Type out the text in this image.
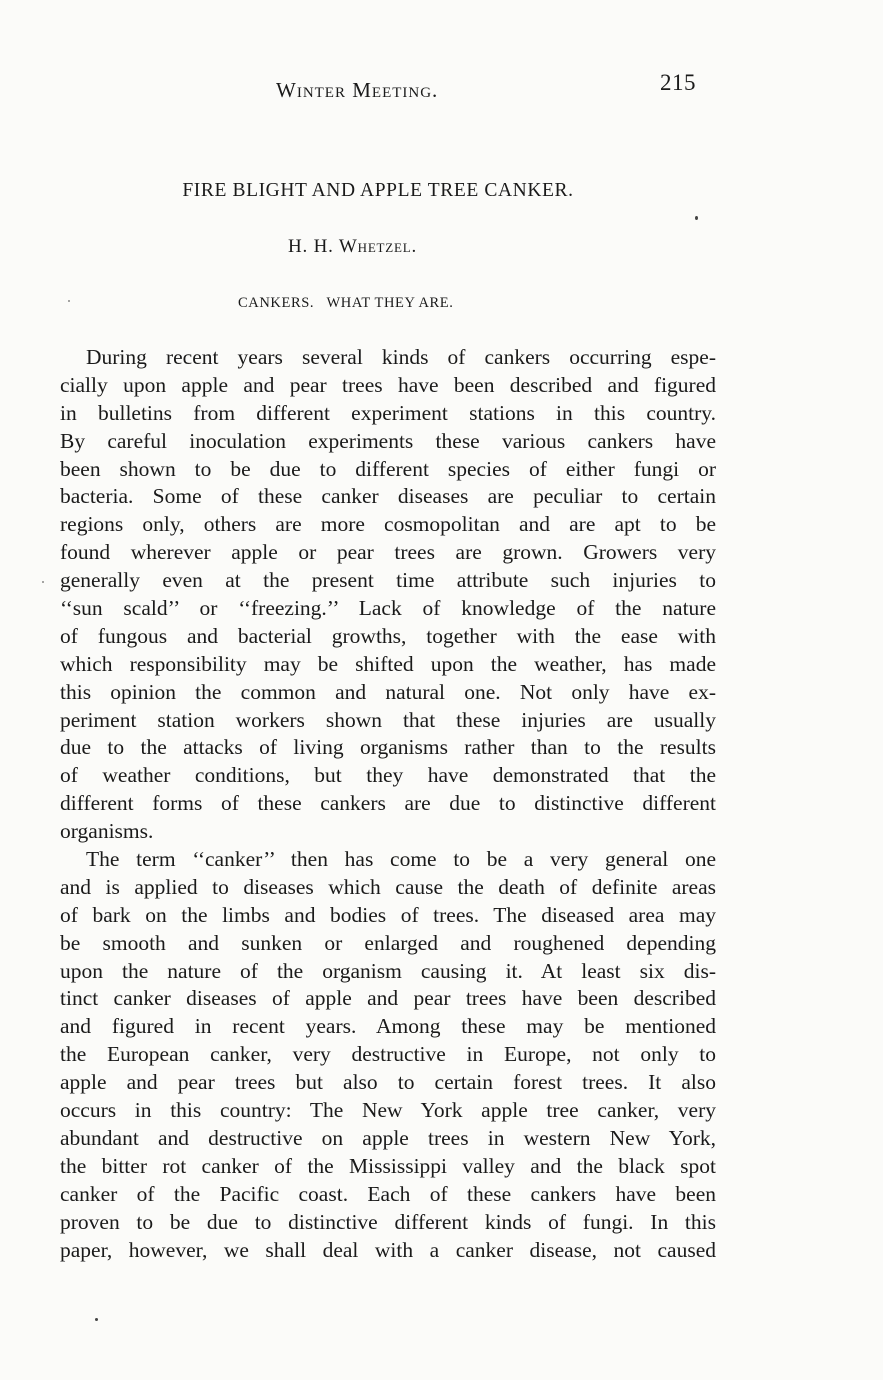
Winter Meeting.	215
FIRE BLIGHT AND APPLE TREE CANKER.
H. H. Whetzel.
CANKERS.   WHAT THEY ARE.
During recent years several kinds of cankers occurring espe-
cially upon apple and pear trees have been described and figured
in bulletins from different experiment stations in this country.
By careful inoculation experiments these various cankers have
been shown to be due to different species of either fungi or
bacteria. Some of these canker diseases are peculiar to certain
regions only, others are more cosmopolitan and are apt to be
found wherever apple or pear trees are grown. Growers very
generally even at the present time attribute such injuries to
‘‘sun scald’’ or ‘‘freezing.’’ Lack of knowledge of the nature
of fungous and bacterial growths, together with the ease with
which responsibility may be shifted upon the weather, has made
this opinion the common and natural one. Not only have ex-
periment station workers shown that these injuries are usually
due to the attacks of living organisms rather than to the results
of weather conditions, but they have demonstrated that the
different forms of these cankers are due to distinctive different
organisms.
The term ‘‘canker’’ then has come to be a very general one
and is applied to diseases which cause the death of definite areas
of bark on the limbs and bodies of trees. The diseased area may
be smooth and sunken or enlarged and roughened depending
upon the nature of the organism causing it. At least six dis-
tinct canker diseases of apple and pear trees have been described
and figured in recent years. Among these may be mentioned
the European canker, very destructive in Europe, not only to
apple and pear trees but also to certain forest trees. It also
occurs in this country: The New York apple tree canker, very
abundant and destructive on apple trees in western New York,
the bitter rot canker of the Mississippi valley and the black spot
canker of the Pacific coast. Each of these cankers have been
proven to be due to distinctive different kinds of fungi. In this
paper, however, we shall deal with a canker disease, not caused
